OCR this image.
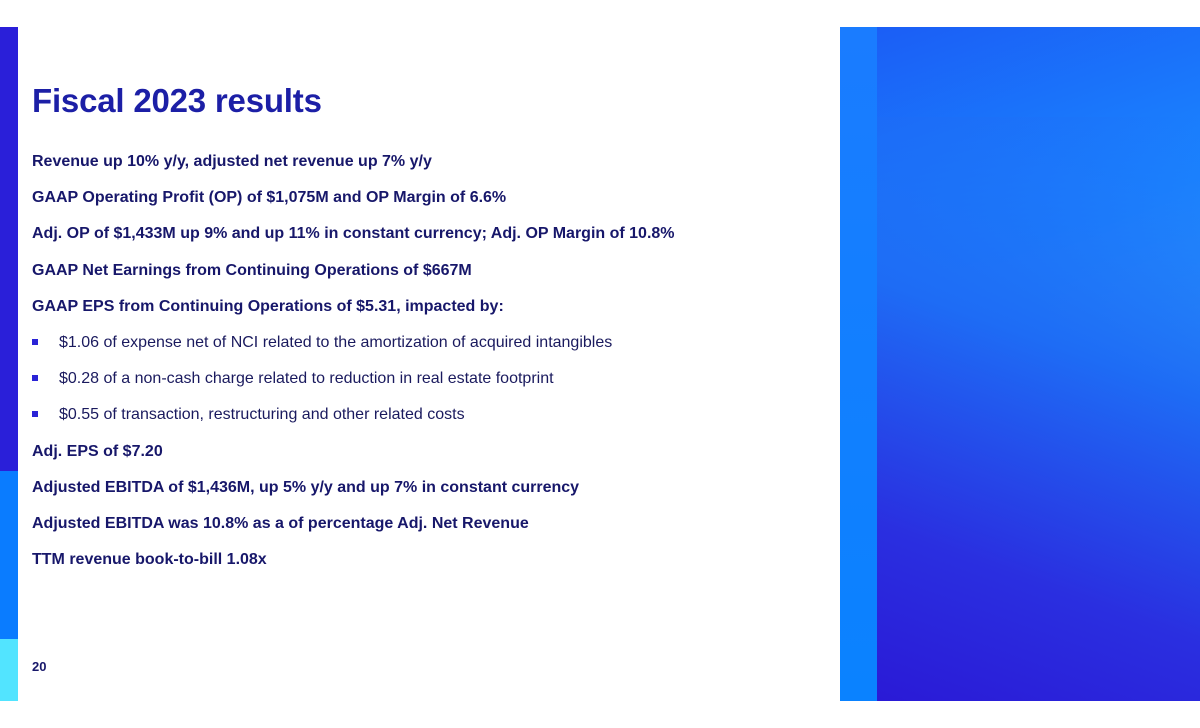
Fiscal 2023 results
Revenue up 10% y/y, adjusted net revenue up 7% y/y
GAAP Operating Profit (OP) of $1,075M and OP Margin of 6.6%
Adj. OP of $1,433M up 9% and up 11% in constant currency; Adj. OP Margin of 10.8%
GAAP Net Earnings from Continuing Operations of $667M
GAAP EPS from Continuing Operations of $5.31, impacted by:
$1.06 of expense net of NCI related to the amortization of acquired intangibles
$0.28 of a non-cash charge related to reduction in real estate footprint
$0.55 of transaction, restructuring and other related costs
Adj. EPS of $7.20
Adjusted EBITDA of $1,436M, up 5% y/y and up 7% in constant currency
Adjusted EBITDA was 10.8% as a of percentage Adj. Net Revenue
TTM revenue book-to-bill 1.08x
20
